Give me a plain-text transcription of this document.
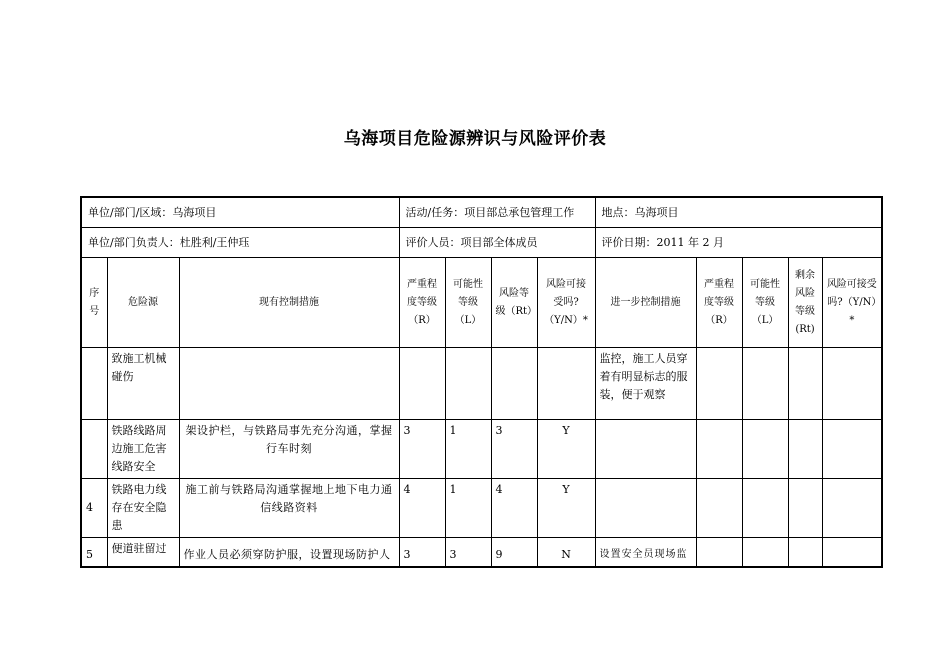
乌海项目危险源辨识与风险评价表
单位/部门/区域：乌海项目			活动/任务：项目部总承包管理工作				地点：乌海项目				
单位/部门负责人：杜胜利/王仲珏			评价人员：项目部全体成员				评价日期：2011 年 2 月				
序号	危险源	现有控制措施	严重程度等级（R）	可能性等级（L）	风险等级（Rt）	风险可接受吗?（Y/N）*	进一步控制措施	严重程度等级（R）	可能性等级（L）	剩余风险等级(Rt)	风险可接受吗?（Y/N）*
	致施工机械碰伤						监控，施工人员穿着有明显标志的服装，便于观察				
	铁路线路周边施工危害线路安全	架设护栏，与铁路局事先充分沟通，掌握行车时刻	3	1	3	Y					
4	铁路电力线存在安全隐患	施工前与铁路局沟通掌握地上地下电力通信线路资料	4	1	4	Y					
5	便道驻留过	作业人员必须穿防护服，设置现场防护人	3	3	9	N	设置安全员现场监				
